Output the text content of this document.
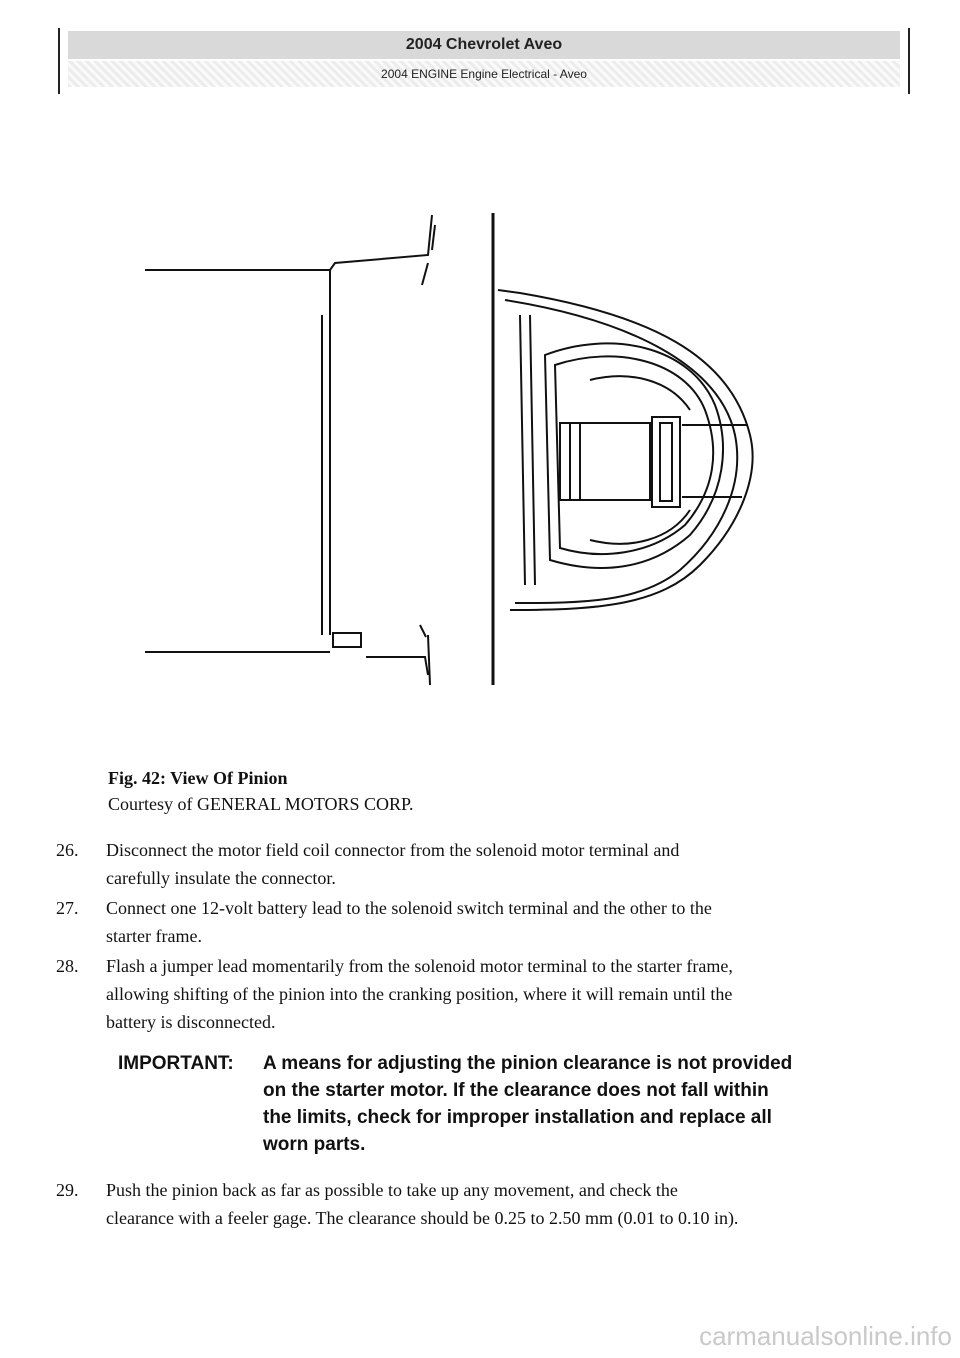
2004 Chevrolet Aveo
2004 ENGINE Engine Electrical - Aveo
Fig. 42: View Of Pinion
Courtesy of GENERAL MOTORS CORP.
26.	Disconnect the motor field coil connector from the solenoid motor terminal and
carefully insulate the connector.
27.	Connect one 12-volt battery lead to the solenoid switch terminal and the other to the
starter frame.
28.	Flash a jumper lead momentarily from the solenoid motor terminal to the starter frame,
allowing shifting of the pinion into the cranking position, where it will remain until the
battery is disconnected.
29.	Push the pinion back as far as possible to take up any movement, and check the
clearance with a feeler gage. The clearance should be 0.25 to 2.50 mm (0.01 to 0.10 in).
IMPORTANT:	A means for adjusting the pinion clearance is not provided
on the starter motor. If the clearance does not fall within
the limits, check for improper installation and replace all
worn parts.
carmanualsonline.info
